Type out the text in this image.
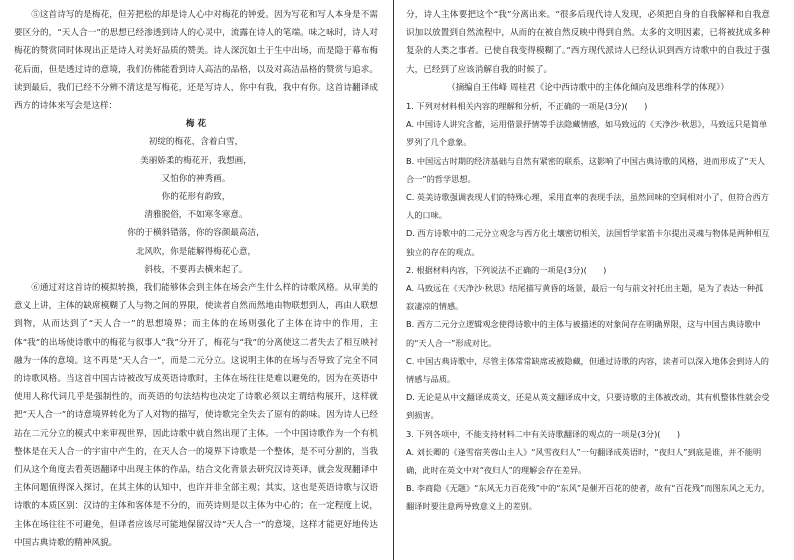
⑤这首诗写的是梅花，但芳把松的却是诗人心中对梅花的钟爱。因为写花和写人本身是不需要区分的，“天人合一”的思想已经渗透到诗人的心灵中，流露在诗人的笔端。味之咏时，诗人对梅花的赞赏同时体现出正是诗人对美好品质的赞美。诗人深沉如土于生中出场，而是隐于幕布梅花后面，但是透过诗的意境，我们仿佛能看到诗人高洁的品格，以及对高洁品格的赞赏与追求。读到最后，我们已经不分辨不清这是写梅花，还是写诗人，你中有我，我中有你。这首诗翻译成西方的诗体来写会是这样：

梅 花

初绽的梅花，含着白雪，

美丽娇柔的梅花开，我想画，

又怕你的神秀画。

你的花形有韵致，

清雅脱俗，不如寒冬寒意。

你的于横斜错落，你的容颜最高洁，

北风吹，你是能解得梅花心意，

斜枝，不要再去横来起了。

⑥通过对这首诗的模拟转换，我们能够体会到主体在场会产生什么样的诗歌风格。从审美的意义上讲，主体的缺席模糊了人与物之间的界限，使读者自然而然地由物联想到人，再由人联想到物，从而达到了“天人合一”的思想境界；而主体的在场则强化了主体在诗中的作用，主体“我”的出场使诗歌中的梅花与叙事人“我”分开了，梅花与“我”的分离使这二者失去了相互映衬融为一体的意境。这不再是“天人合一”，而是二元分立。这说明主体的在场与否导致了完全不同的诗歌风格。当这首中国古诗被改写成英语诗歌时，主体在场往往是难以避免的，因为在英语中使用人称代词几乎是强制性的，而英语的句法结构也决定了诗歌必须以主谓结构展开，这样就把“天人合一”的诗意境界转化为了人对物的描写，使诗歌完全失去了原有的韵味。因为诗人已经站在二元分立的模式中来审视世界，因此诗歌中就自然出现了主体。一个中国诗歌作为一个有机整体是在天人合一的宇宙中产生的，在天人合一的境界下诗歌是一个整体，是不可分割的，当我们从这个角度去看英语翻译中出现主体的作品，结合文化背景去研究汉诗英译，就会发现翻译中主体问题值得深入探讨，在其主体的认知中，也许并非全部主观；其实，这也是英语诗歌与汉语诗歌的本质区别：汉诗的主体和客体是不分的，而英诗则是以主体为中心的；在一定程度上说，主体在场往往不可避免，但译者应该尽可能地保留汉诗“天人合一”的意境，这样才能更好地传达中国古典诗歌的精神风貌。

分，诗人主体要把这个“我”分离出来。“很多后现代诗人发现，必须把自身的自我解释和自我意识加以放置到自然流程中，从而的在被自然反映中得到自然。太多的文明因素，已将被扰成多种复杂的人类之事者。已使自我变得模糊了。”西方现代派诗人已经认识到西方诗歌中的自我过于强大，已经到了应该消解自我的时候了。

（摘编自王伟峰 周桂君《论中西诗歌中的主体化倾向及思维科学的体现》）

1. 下列对材料相关内容的理解和分析，不正确的一项是(3分)(　　)

A. 中国诗人讲究含蓄，运用借景抒情等手法隐藏情感，如马致远的《天净沙·秋思》，马致远只是简单罗列了几个意象。

B. 中国远古时期的经济基础与自然有紧密的联系，这影响了中国古典诗歌的风格，进而形成了“天人合一”的哲学思想。

C. 英美诗歌强调表现人们的特殊心理，采用直率的表现手法，虽然回味的空间相对小了，但符合西方人的口味。

D. 西方诗歌中的二元分立观念与西方化土壤密切相关，法国哲学家笛卡尔提出灵魂与物体是两种相互独立的存在的观点。

2. 根据材料内容，下列说法不正确的一项是(3分)(　　)

A. 马致远在《天净沙·秋思》结尾描写黄昏的场景，最后一句与前文衬托出主题，是为了表达一种孤寂凄凉的情感。

B. 西方二元分立逻辑观念使得诗歌中的主体与被描述的对象间存在明确界限，这与中国古典诗歌中的“天人合一”形成对比。

C. 中国古典诗歌中，尽管主体常常缺席或被隐藏，但通过诗歌的内容，读者可以深入地体会到诗人的情感与品质。

D. 无论是从中文翻译成英文，还是从英文翻译成中文，只要诗歌的主体被改动，其有机整体性就会受到损害。

3. 下列各项中，不能支持材料二中有关诗歌翻译的观点的一项是(3分)(　　)

A. 刘长卿的《逢雪宿芙蓉山主人》“风雪夜归人”一句翻译成英语时，“夜归人”到底是谁，并不能明确，此时在英文中对“夜归人”的理解会存在差异。

B. 李商隐《无题》“东风无力百花残”中的“东风”是催开百花的使者，故有“百花残”而图东风之无力，翻译时要注意两导致意义上的差别。
